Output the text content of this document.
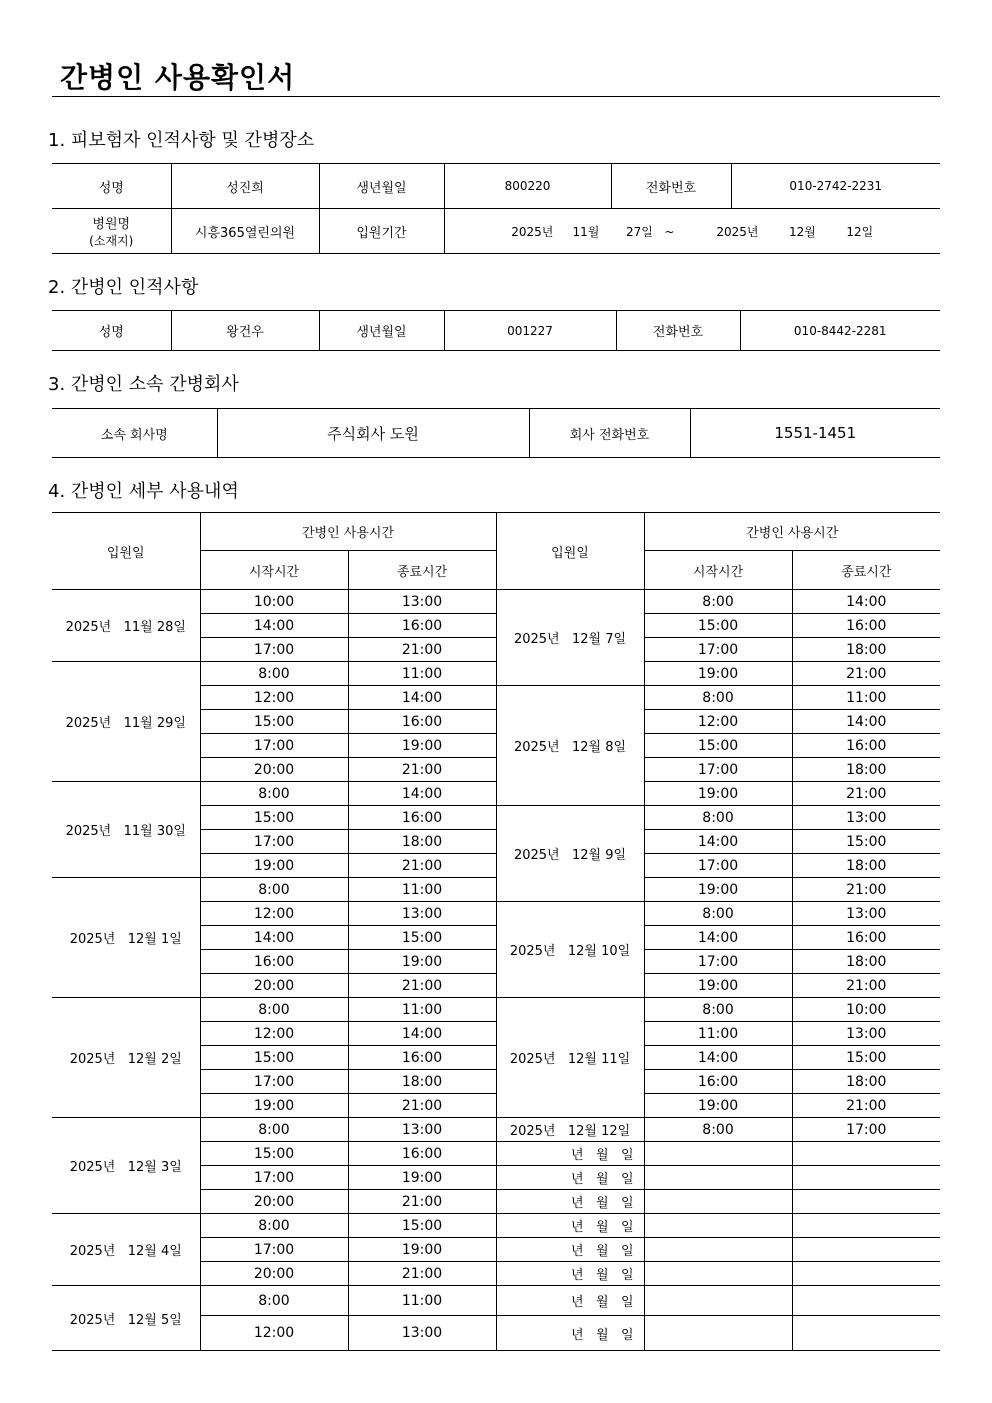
간병인 사용확인서
1. 피보험자 인적사항 및 간병장소
성명	성진희	생년월일	800220	전화번호	010-2742-2231

병원명
(소재지)	시흥365열린의원	입원기간	2025년     11월       27일   ~           2025년        12월        12일		
2. 간병인 인적사항
성명	왕건우	생년월일	001227	전화번호	010-8442-2281
3. 간병인 소속 간병회사
소속 회사명	주식회사 도원	회사 전화번호	1551-1451
4. 간병인 세부 사용내역
입원일	간병인 사용시간		입원일	간병인 사용시간	
	시작시간	종료시간		시작시간	종료시간
2025년   11월 28일	10:00	13:00	2025년   12월 7일	8:00	14:00
	14:00	16:00		15:00	16:00
	17:00	21:00		17:00	18:00
2025년   11월 29일	8:00	11:00		19:00	21:00
	12:00	14:00	2025년   12월 8일	8:00	11:00
	15:00	16:00		12:00	14:00
	17:00	19:00		15:00	16:00
	20:00	21:00		17:00	18:00
2025년   11월 30일	8:00	14:00		19:00	21:00
	15:00	16:00	2025년   12월 9일	8:00	13:00
	17:00	18:00		14:00	15:00
	19:00	21:00		17:00	18:00
2025년   12월 1일	8:00	11:00		19:00	21:00
	12:00	13:00	2025년   12월 10일	8:00	13:00
	14:00	15:00		14:00	16:00
	16:00	19:00		17:00	18:00
	20:00	21:00		19:00	21:00
2025년   12월 2일	8:00	11:00	2025년   12월 11일	8:00	10:00
	12:00	14:00		11:00	13:00
	15:00	16:00		14:00	15:00
	17:00	18:00		16:00	18:00
	19:00	21:00		19:00	21:00
2025년   12월 3일	8:00	13:00	2025년   12월 12일	8:00	17:00
	15:00	16:00	년   월   일		
	17:00	19:00	년   월   일		
	20:00	21:00	년   월   일		
2025년   12월 4일	8:00	15:00	년   월   일		
	17:00	19:00	년   월   일		
	20:00	21:00	년   월   일		
2025년   12월 5일	8:00	11:00	년   월   일		
	12:00	13:00	년   월   일		
